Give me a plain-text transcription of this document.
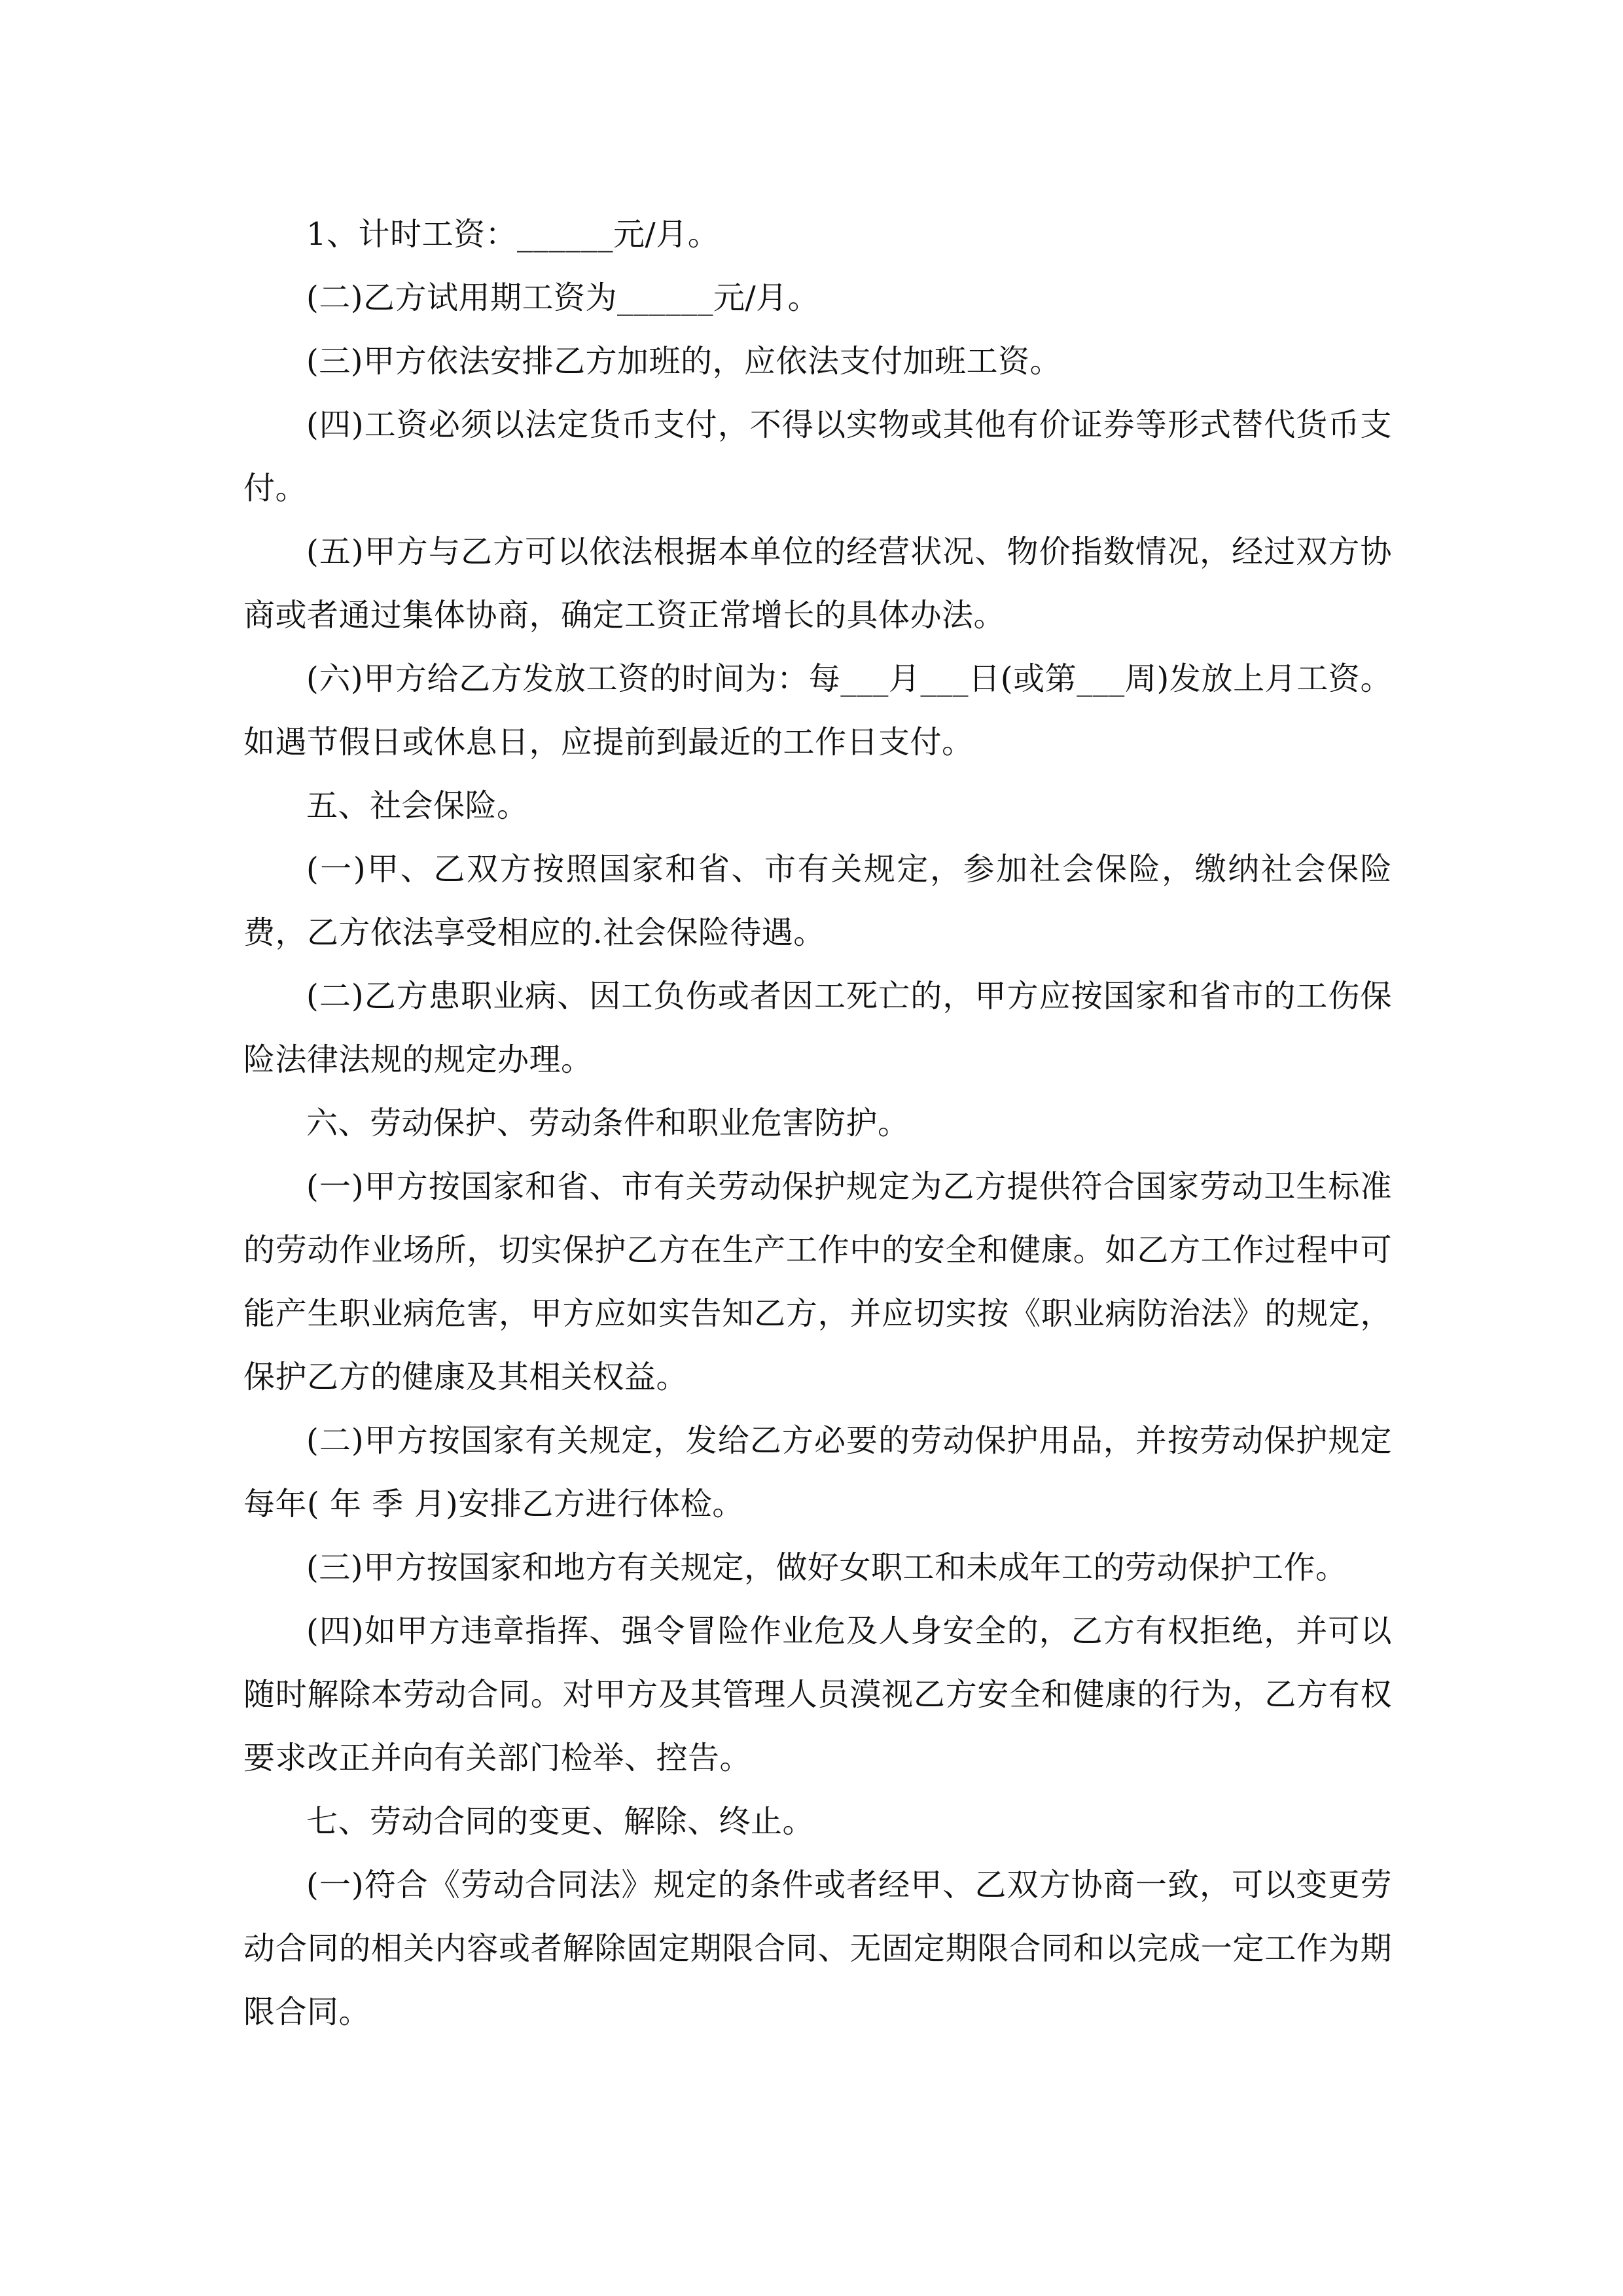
1、计时工资：______元/月。

(二)乙方试用期工资为______元/月。

(三)甲方依法安排乙方加班的，应依法支付加班工资。

(四)工资必须以法定货币支付，不得以实物或其他有价证券等形式替代货币支付。

(五)甲方与乙方可以依法根据本单位的经营状况、物价指数情况，经过双方协商或者通过集体协商，确定工资正常增长的具体办法。

(六)甲方给乙方发放工资的时间为：每___月___日(或第___周)发放上月工资。如遇节假日或休息日，应提前到最近的工作日支付。

五、社会保险。

(一)甲、乙双方按照国家和省、市有关规定，参加社会保险，缴纳社会保险费，乙方依法享受相应的.社会保险待遇。

(二)乙方患职业病、因工负伤或者因工死亡的，甲方应按国家和省市的工伤保险法律法规的规定办理。

六、劳动保护、劳动条件和职业危害防护。

(一)甲方按国家和省、市有关劳动保护规定为乙方提供符合国家劳动卫生标准的劳动作业场所，切实保护乙方在生产工作中的安全和健康。如乙方工作过程中可能产生职业病危害，甲方应如实告知乙方，并应切实按《职业病防治法》的规定，保护乙方的健康及其相关权益。

(二)甲方按国家有关规定，发给乙方必要的劳动保护用品，并按劳动保护规定每年( 年 季 月)安排乙方进行体检。

(三)甲方按国家和地方有关规定，做好女职工和未成年工的劳动保护工作。

(四)如甲方违章指挥、强令冒险作业危及人身安全的，乙方有权拒绝，并可以随时解除本劳动合同。对甲方及其管理人员漠视乙方安全和健康的行为，乙方有权要求改正并向有关部门检举、控告。

七、劳动合同的变更、解除、终止。

(一)符合《劳动合同法》规定的条件或者经甲、乙双方协商一致，可以变更劳动合同的相关内容或者解除固定期限合同、无固定期限合同和以完成一定工作为期限合同。
